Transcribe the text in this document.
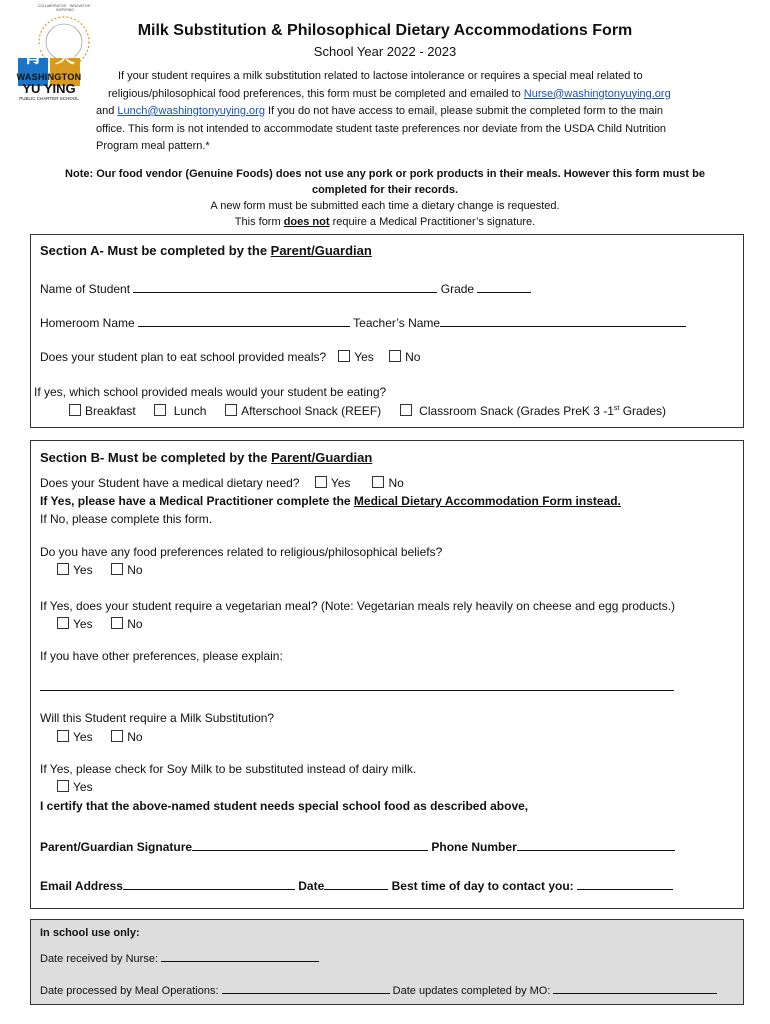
育 英
WASHINGTON
YU YING
PUBLIC CHARTER SCHOOL
COLLABORATIVE · INNOVATIVE · INSPIRING
Milk Substitution & Philosophical Dietary Accommodations Form
School Year 2022 - 2023
If your student requires a milk substitution related to lactose intolerance or requires a special meal related to
religious/philosophical food preferences, this form must be completed and emailed to Nurse@washingtonyuying.org
and Lunch@washingtonyuying.org If you do not have access to email, please submit the completed form to the main
office. This form is not intended to accommodate student taste preferences nor deviate from the USDA Child Nutrition
Program meal pattern.*
Note: Our food vendor (Genuine Foods) does not use any pork or pork products in their meals. However this form must be
completed for their records.
A new form must be submitted each time a dietary change is requested.
This form does not require a Medical Practitioner’s signature.
Section A- Must be completed by the Parent/Guardian
Name of Student	Grade
Homeroom Name	Teacher’s Name
Does your student plan to eat school provided meals? Yes	No
If yes, which school provided meals would your student be eating?
Breakfast	Lunch	Afterschool Snack (REEF)	Classroom Snack (Grades PreK 3 -1st Grades)
Section B- Must be completed by the Parent/Guardian
Does your Student have a medical dietary need?	Yes	No
If Yes, please have a Medical Practitioner complete the Medical Dietary Accommodation Form instead.
If No, please complete this form.
Do you have any food preferences related to religious/philosophical beliefs?
Yes	No
If Yes, does your student require a vegetarian meal? (Note: Vegetarian meals rely heavily on cheese and egg products.)
Yes	No
If you have other preferences, please explain:
Will this Student require a Milk Substitution?
Yes	No
If Yes, please check for Soy Milk to be substituted instead of dairy milk.
Yes
I certify that the above-named student needs special school food as described above,
Parent/Guardian Signature	Phone Number
Email Address	Date	Best time of day to contact you:
In school use only:
Date received by Nurse:
Date processed by Meal Operations:	Date updates completed by MO:
